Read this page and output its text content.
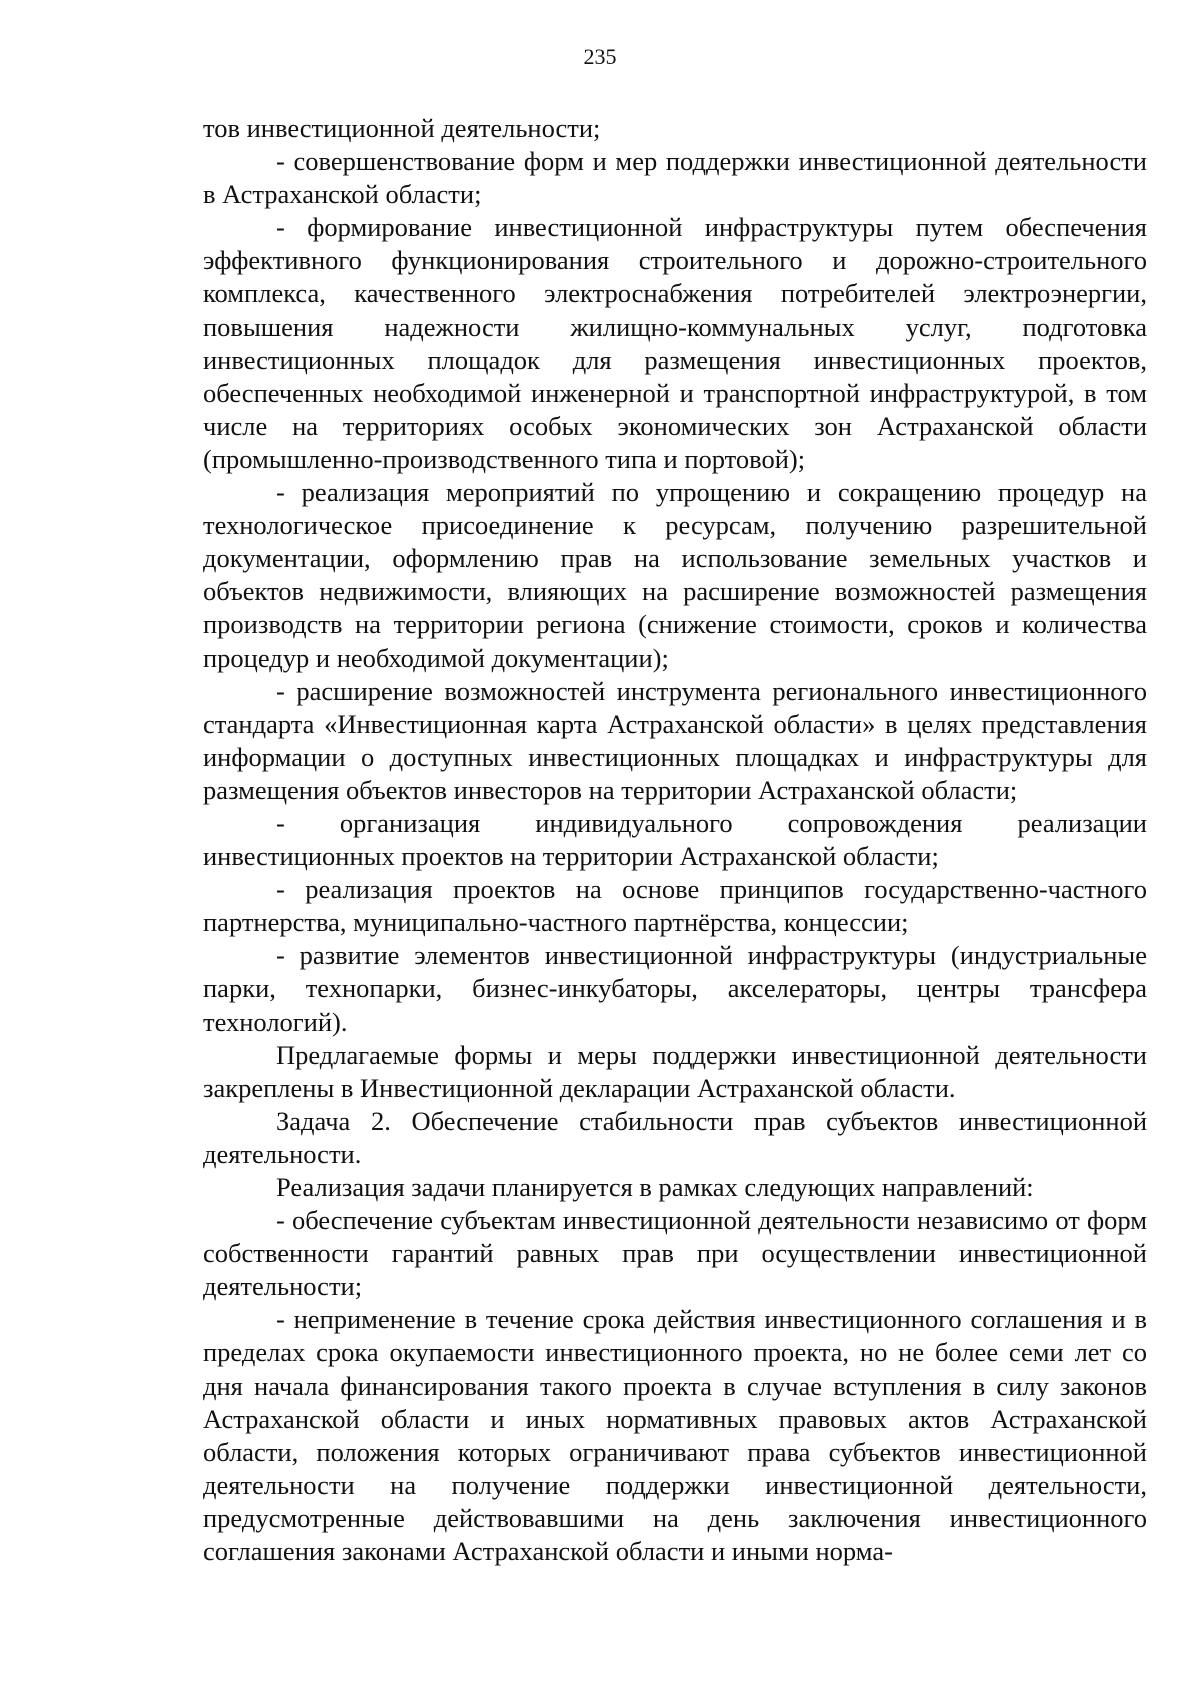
235

тов инвестиционной деятельности;

- совершенствование форм и мер поддержки инвестиционной деятельности в Астраханской области;

- формирование инвестиционной инфраструктуры путем обеспечения эффективного функционирования строительного и дорожно-строительного комплекса, качественного электроснабжения потребителей электроэнергии, повышения надежности жилищно-коммунальных услуг, подготовка инвестиционных площадок для размещения инвестиционных проектов, обеспеченных необходимой инженерной и транспортной инфраструктурой, в том числе на территориях особых экономических зон Астраханской области (промышленно-производственного типа и портовой);

- реализация мероприятий по упрощению и сокращению процедур на технологическое присоединение к ресурсам, получению разрешительной документации, оформлению прав на использование земельных участков и объектов недвижимости, влияющих на расширение возможностей размещения производств на территории региона (снижение стоимости, сроков и количества процедур и необходимой документации);

- расширение возможностей инструмента регионального инвестиционного стандарта «Инвестиционная карта Астраханской области» в целях представления информации о доступных инвестиционных площадках и инфраструктуры для размещения объектов инвесторов на территории Астраханской области;

- организация индивидуального сопровождения реализации инвестиционных проектов на территории Астраханской области;

- реализация проектов на основе принципов государственно-частного партнерства, муниципально-частного партнёрства, концессии;

- развитие элементов инвестиционной инфраструктуры (индустриальные парки, технопарки, бизнес-инкубаторы, акселераторы, центры трансфера технологий).

Предлагаемые формы и меры поддержки инвестиционной деятельности закреплены в Инвестиционной декларации Астраханской области.

Задача 2. Обеспечение стабильности прав субъектов инвестиционной деятельности.

Реализация задачи планируется в рамках следующих направлений:

- обеспечение субъектам инвестиционной деятельности независимо от форм собственности гарантий равных прав при осуществлении инвестиционной деятельности;

- неприменение в течение срока действия инвестиционного соглашения и в пределах срока окупаемости инвестиционного проекта, но не более семи лет со дня начала финансирования такого проекта в случае вступления в силу законов Астраханской области и иных нормативных правовых актов Астраханской области, положения которых ограничивают права субъектов инвестиционной деятельности на получение поддержки инвестиционной деятельности, предусмотренные действовавшими на день заключения инвестиционного соглашения законами Астраханской области и иными норма-
